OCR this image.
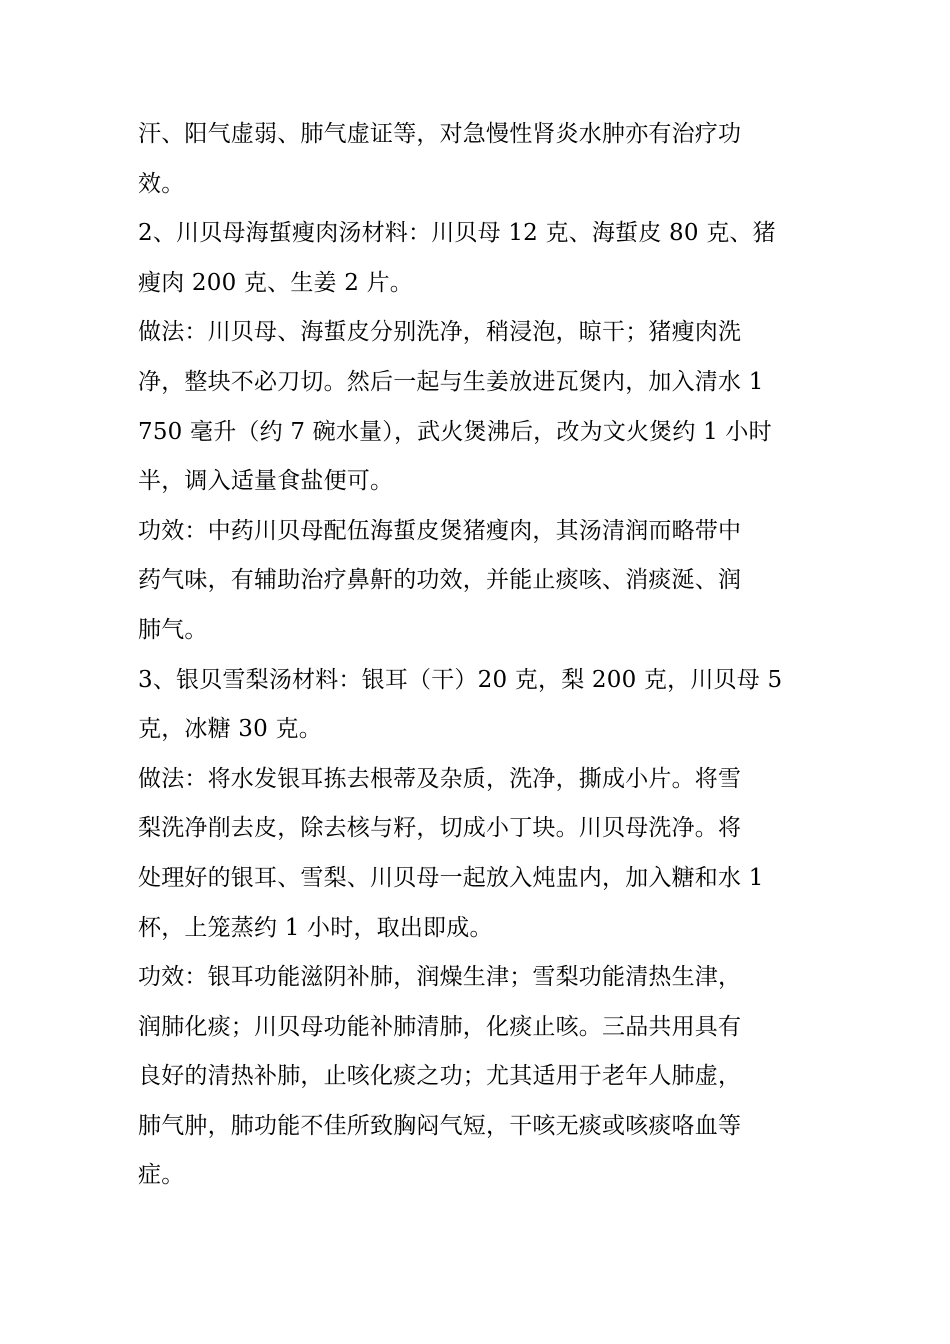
汗、阳气虚弱、肺气虚证等，对急慢性肾炎水肿亦有治疗功
效。
2、川贝母海蜇瘦肉汤材料：川贝母 12 克、海蜇皮 80 克、猪
瘦肉 200 克、生姜 2 片。
做法：川贝母、海蜇皮分别洗净，稍浸泡，晾干；猪瘦肉洗
净，整块不必刀切。然后一起与生姜放进瓦煲内，加入清水 1
750 毫升（约 7 碗水量），武火煲沸后，改为文火煲约 1 小时
半，调入适量食盐便可。
功效：中药川贝母配伍海蜇皮煲猪瘦肉，其汤清润而略带中
药气味，有辅助治疗鼻鼾的功效，并能止痰咳、消痰涎、润
肺气。
3、银贝雪梨汤材料：银耳（干）20 克，梨 200 克，川贝母 5
克，冰糖 30 克。
做法：将水发银耳拣去根蒂及杂质，洗净，撕成小片。将雪
梨洗净削去皮，除去核与籽，切成小丁块。川贝母洗净。将
处理好的银耳、雪梨、川贝母一起放入炖盅内，加入糖和水 1
杯，上笼蒸约 1 小时，取出即成。
功效：银耳功能滋阴补肺，润燥生津；雪梨功能清热生津，
润肺化痰；川贝母功能补肺清肺，化痰止咳。三品共用具有
良好的清热补肺，止咳化痰之功；尤其适用于老年人肺虚，
肺气肿，肺功能不佳所致胸闷气短，干咳无痰或咳痰咯血等
症。
